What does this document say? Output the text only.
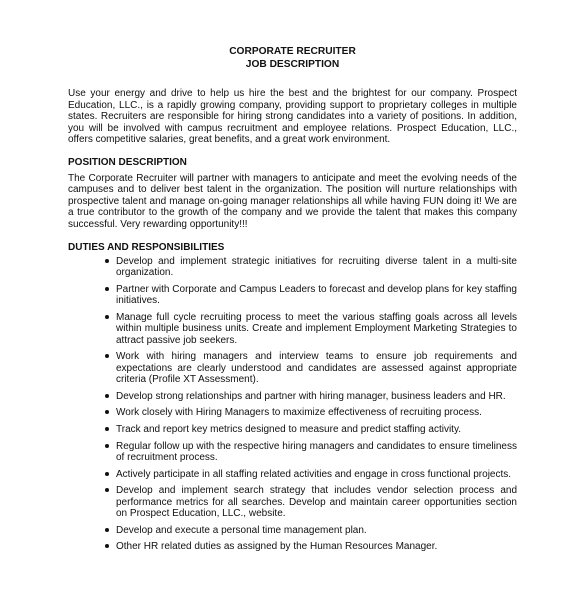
CORPORATE RECRUITER
JOB DESCRIPTION

Use your energy and drive to help us hire the best and the brightest for our company. Prospect Education, LLC., is a rapidly growing company, providing support to proprietary colleges in multiple states. Recruiters are responsible for hiring strong candidates into a variety of positions. In addition, you will be involved with campus recruitment and employee relations. Prospect Education, LLC., offers competitive salaries, great benefits, and a great work environment.

POSITION DESCRIPTION

The Corporate Recruiter will partner with managers to anticipate and meet the evolving needs of the campuses and to deliver best talent in the organization. The position will nurture relationships with prospective talent and manage on-going manager relationships all while having FUN doing it! We are a true contributor to the growth of the company and we provide the talent that makes this company successful. Very rewarding opportunity!!!

DUTIES AND RESPONSIBILITIES
Develop and implement strategic initiatives for recruiting diverse talent in a multi-site organization.
Partner with Corporate and Campus Leaders to forecast and develop plans for key staffing initiatives.
Manage full cycle recruiting process to meet the various staffing goals across all levels within multiple business units. Create and implement Employment Marketing Strategies to attract passive job seekers.
Work with hiring managers and interview teams to ensure job requirements and expectations are clearly understood and candidates are assessed against appropriate criteria (Profile XT Assessment).
Develop strong relationships and partner with hiring manager, business leaders and HR.
Work closely with Hiring Managers to maximize effectiveness of recruiting process.
Track and report key metrics designed to measure and predict staffing activity.
Regular follow up with the respective hiring managers and candidates to ensure timeliness of recruitment process.
Actively participate in all staffing related activities and engage in cross functional projects.
Develop and implement search strategy that includes vendor selection process and performance metrics for all searches. Develop and maintain career opportunities section on Prospect Education, LLC., website.
Develop and execute a personal time management plan.
Other HR related duties as assigned by the Human Resources Manager.
